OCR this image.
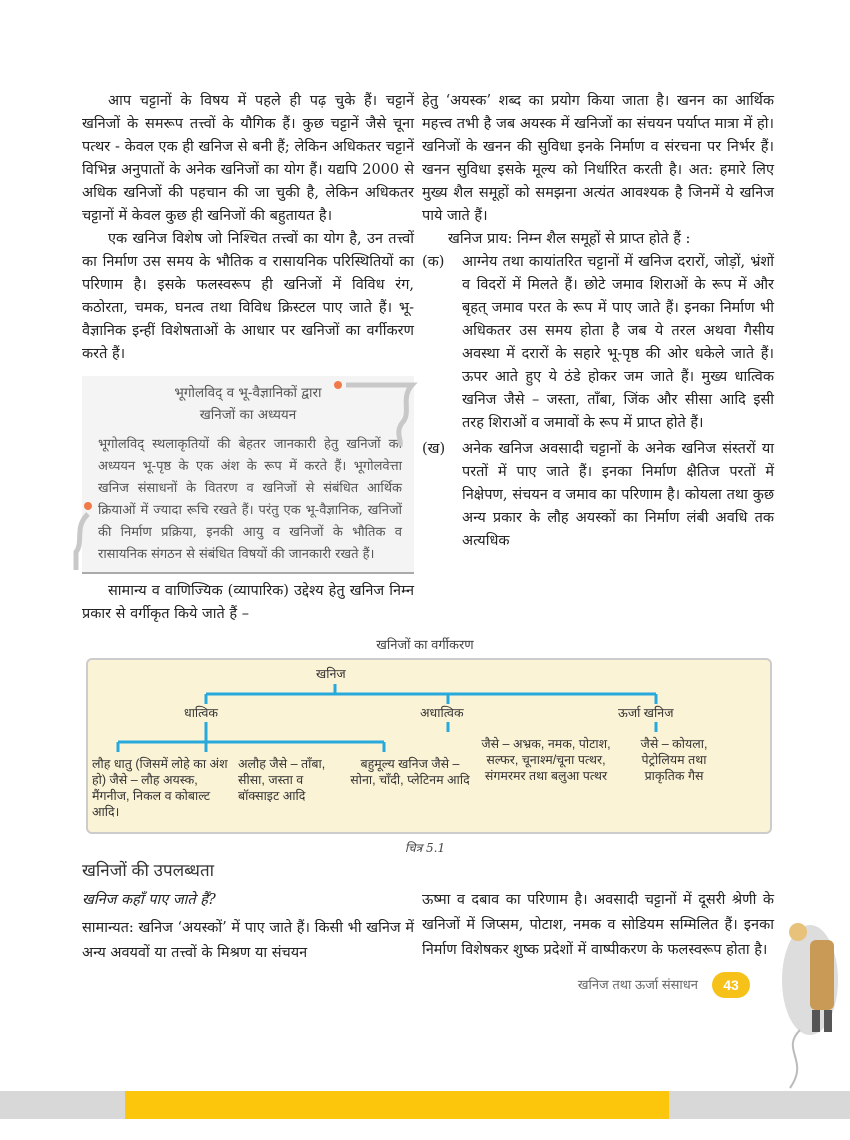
आप चट्टानों के विषय में पहले ही पढ़ चुके हैं। चट्टानें खनिजों के समरूप तत्त्वों के यौगिक हैं। कुछ चट्टानें जैसे चूना पत्थर - केवल एक ही खनिज से बनी हैं; लेकिन अधिकतर चट्टानें विभिन्न अनुपातों के अनेक खनिजों का योग हैं। यद्यपि 2000 से अधिक खनिजों की पहचान की जा चुकी है, लेकिन अधिकतर चट्टानों में केवल कुछ ही खनिजों की बहुतायत है।

एक खनिज विशेष जो निश्चित तत्त्वों का योग है, उन तत्त्वों का निर्माण उस समय के भौतिक व रासायनिक परिस्थितियों का परिणाम है। इसके फलस्वरूप ही खनिजों में विविध रंग, कठोरता, चमक, घनत्व तथा विविध क्रिस्टल पाए जाते हैं। भू-वैज्ञानिक इन्हीं विशेषताओं के आधार पर खनिजों का वर्गीकरण करते हैं।

भूगोलविद् व भू-वैज्ञानिकों द्वारा
खनिजों का अध्ययन
भूगोलविद् स्थलाकृतियों की बेहतर जानकारी हेतु खनिजों का अध्ययन भू-पृष्ठ के एक अंश के रूप में करते हैं। भूगोलवेत्ता खनिज संसाधनों के वितरण व खनिजों से संबंधित आर्थिक क्रियाओं में ज्यादा रूचि रखते हैं। परंतु एक भू-वैज्ञानिक, खनिजों की निर्माण प्रक्रिया, इनकी आयु व खनिजों के भौतिक व रासायनिक संगठन से संबंधित विषयों की जानकारी रखते हैं।

सामान्य व वाणिज्यिक (व्यापारिक) उद्देश्य हेतु खनिज निम्न प्रकार से वर्गीकृत किये जाते हैं –

हेतु ‘अयस्क’ शब्द का प्रयोग किया जाता है। खनन का आर्थिक महत्त्व तभी है जब अयस्क में खनिजों का संचयन पर्याप्त मात्रा में हो। खनिजों के खनन की सुविधा इनके निर्माण व संरचना पर निर्भर हैं। खनन सुविधा इसके मूल्य को निर्धारित करती है। अत: हमारे लिए मुख्य शैल समूहों को समझना अत्यंत आवश्यक है जिनमें ये खनिज पाये जाते हैं।

खनिज प्राय: निम्न शैल समूहों से प्राप्त होते हैं :

(क)	आग्नेय तथा कायांतरित चट्टानों में खनिज दरारों, जोड़ों, भ्रंशों व विदरों में मिलते हैं। छोटे जमाव शिराओं के रूप में और बृहत् जमाव परत के रूप में पाए जाते हैं। इनका निर्माण भी अधिकतर उस समय होता है जब ये तरल अथवा गैसीय अवस्था में दरारों के सहारे भू-पृष्ठ की ओर धकेले जाते हैं। ऊपर आते हुए ये ठंडे होकर जम जाते हैं। मुख्य धात्विक खनिज जैसे – जस्ता, ताँबा, जिंक और सीसा आदि इसी तरह शिराओं व जमावों के रूप में प्राप्त होते हैं।
(ख)	अनेक खनिज अवसादी चट्टानों के अनेक खनिज संस्तरों या परतों में पाए जाते हैं। इनका निर्माण क्षैतिज परतों में निक्षेपण, संचयन व जमाव का परिणाम है। कोयला तथा कुछ अन्य प्रकार के लौह अयस्कों का निर्माण लंबी अवधि तक अत्यधिक
खनिजों का वर्गीकरण
खनिज
धात्विक	अधात्विक	ऊर्जा खनिज
लौह धातु (जिसमें लोहे का अंश हो) जैसे – लौह अयस्क, मैंगनीज, निकल व कोबाल्ट आदि।
अलौह जैसे – ताँबा, सीसा, जस्ता व बॉक्साइट आदि
बहुमूल्य खनिज जैसे – सोना, चाँदी, प्लेटिनम आदि
जैसे – अभ्रक, नमक, पोटाश, सल्फर, चूनाश्म/चूना पत्थर, संगमरमर तथा बलुआ पत्थर
जैसे – कोयला, पेट्रोलियम तथा प्राकृतिक गैस
चित्र 5.1
खनिजों की उपलब्धता
खनिज कहाँ पाए जाते हैं?
सामान्यत: खनिज ‘अयस्कों’ में पाए जाते हैं। किसी भी खनिज में अन्य अवयवों या तत्त्वों के मिश्रण या संचयन
ऊष्मा व दबाव का परिणाम है। अवसादी चट्टानों में दूसरी श्रेणी के खनिजों में जिप्सम, पोटाश, नमक व सोडियम सम्मिलित हैं। इनका निर्माण विशेषकर शुष्क प्रदेशों में वाष्पीकरण के फलस्वरूप होता है।
खनिज तथा ऊर्जा संसाधन	43
